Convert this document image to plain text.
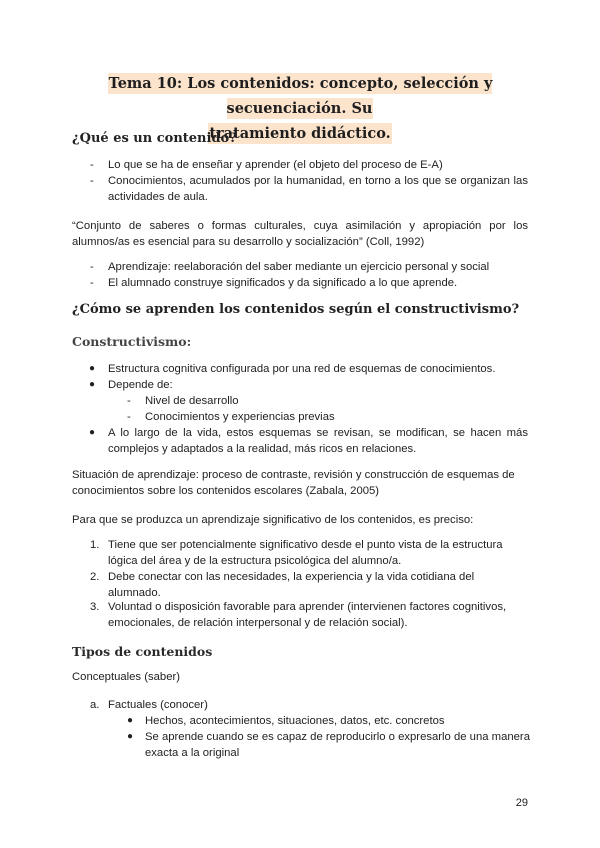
Tema 10: Los contenidos: concepto, selección y secuenciación. Su
tratamiento didáctico.
¿Qué es un contenido?
- Lo que se ha de enseñar y aprender (el objeto del proceso de E-A)
- Conocimientos, acumulados por la humanidad, en torno a los que se organizan las actividades de aula.
“Conjunto de saberes o formas culturales, cuya asimilación y apropiación por los alumnos/as es esencial para su desarrollo y socialización” (Coll, 1992)
- Aprendizaje: reelaboración del saber mediante un ejercicio personal y social
- El alumnado construye significados y da significado a lo que aprende.
¿Cómo se aprenden los contenidos según el constructivismo?
Constructivismo:
● Estructura cognitiva configurada por una red de esquemas de conocimientos.
● Depende de:
- Nivel de desarrollo
- Conocimientos y experiencias previas
● A lo largo de la vida, estos esquemas se revisan, se modifican, se hacen más complejos y adaptados a la realidad, más ricos en relaciones.
Situación de aprendizaje: proceso de contraste, revisión y construcción de esquemas de conocimientos sobre los contenidos escolares (Zabala, 2005)
Para que se produzca un aprendizaje significativo de los contenidos, es preciso:
1. Tiene que ser potencialmente significativo desde el punto vista de la estructura lógica del área y de la estructura psicológica del alumno/a.
2. Debe conectar con las necesidades, la experiencia y la vida cotidiana del alumnado.
3. Voluntad o disposición favorable para aprender (intervienen factores cognitivos, emocionales, de relación interpersonal y de relación social).
Tipos de contenidos
Conceptuales (saber)
a. Factuales (conocer)
● Hechos, acontecimientos, situaciones, datos, etc. concretos
● Se aprende cuando se es capaz de reproducirlo o expresarlo de una manera exacta a la original
29
